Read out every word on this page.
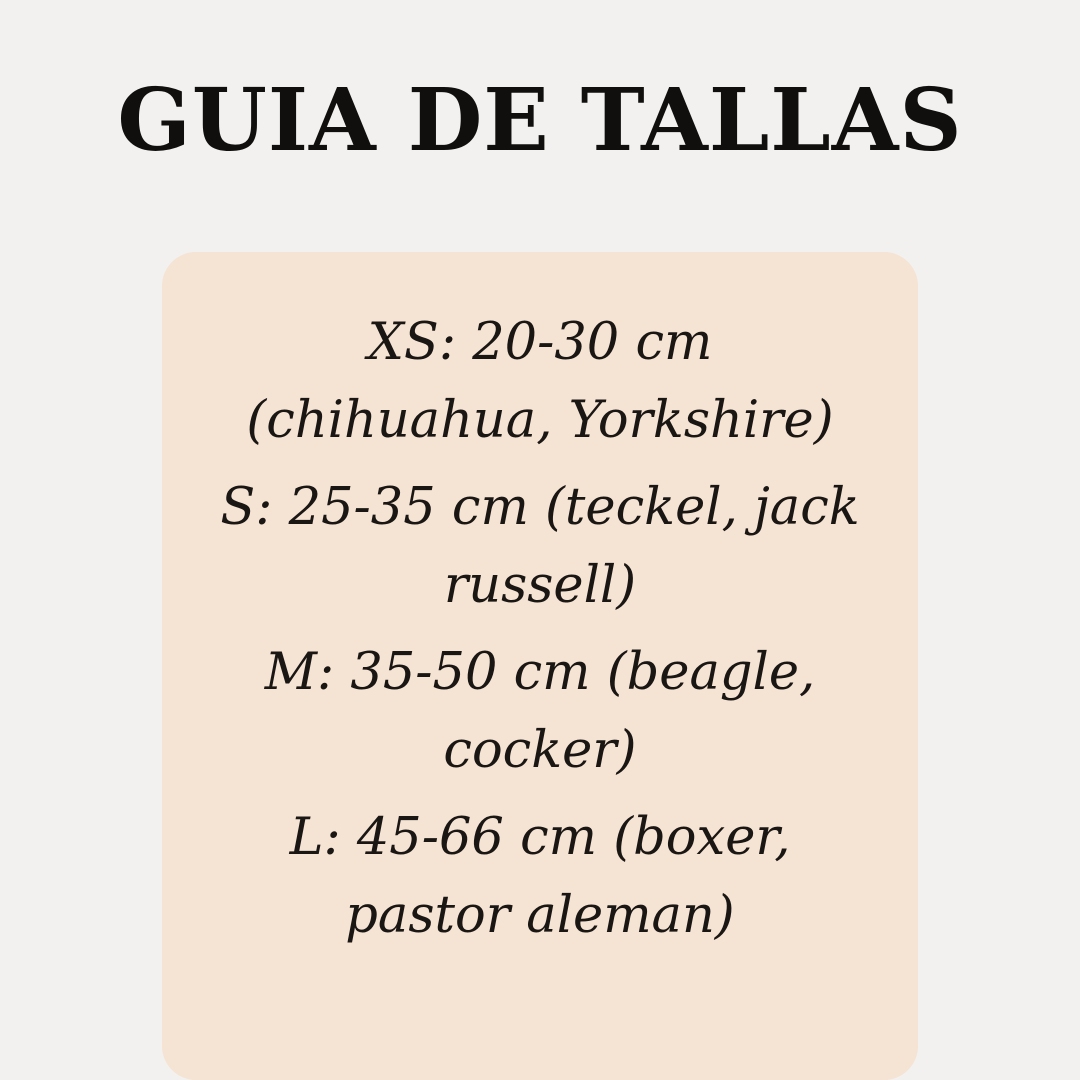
GUIA DE TALLAS
XS: 20-30 cm (chihuahua, Yorkshire)
S: 25-35 cm (teckel, jack russell)
M: 35-50 cm (beagle, cocker)
L: 45-66 cm (boxer, pastor aleman)
